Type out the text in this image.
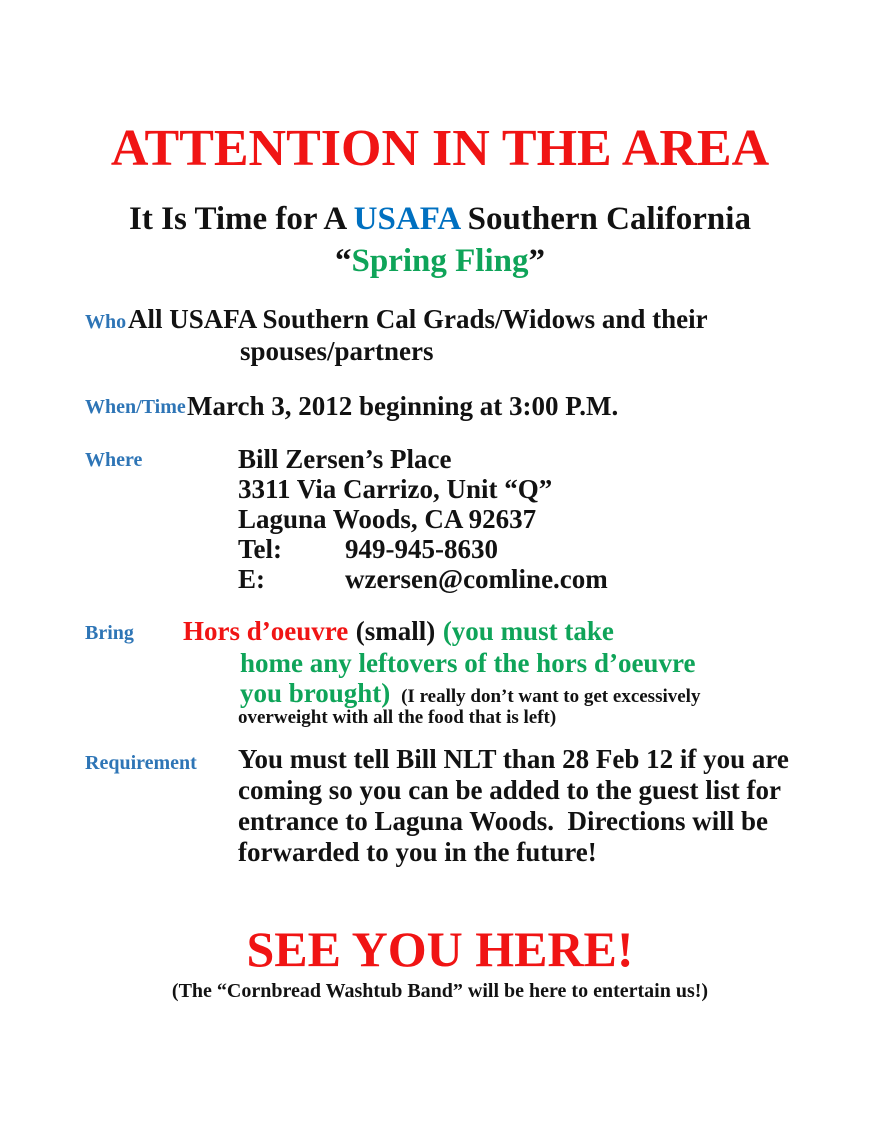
ATTENTION IN THE AREA
It Is Time for A USAFA Southern California
“Spring Fling”
Who All USAFA Southern Cal Grads/Widows and their
spouses/partners
When/Time March 3, 2012 beginning at 3:00 P.M.
Where	Bill Zersen’s Place
3311 Via Carrizo, Unit “Q”
Laguna Woods, CA 92637
Tel: 949-945-8630
E:	wzersen@comline.com
Bring Hors d’oeuvre (small) (you must take
home any leftovers of the hors d’oeuvre
you brought) (I really don’t want to get excessively
overweight with all the food that is left)
Requirement You must tell Bill NLT than 28 Feb 12 if you are
coming so you can be added to the guest list for
entrance to Laguna Woods.  Directions will be
forwarded to you in the future!
SEE YOU HERE!
(The “Cornbread Washtub Band” will be here to entertain us!)
